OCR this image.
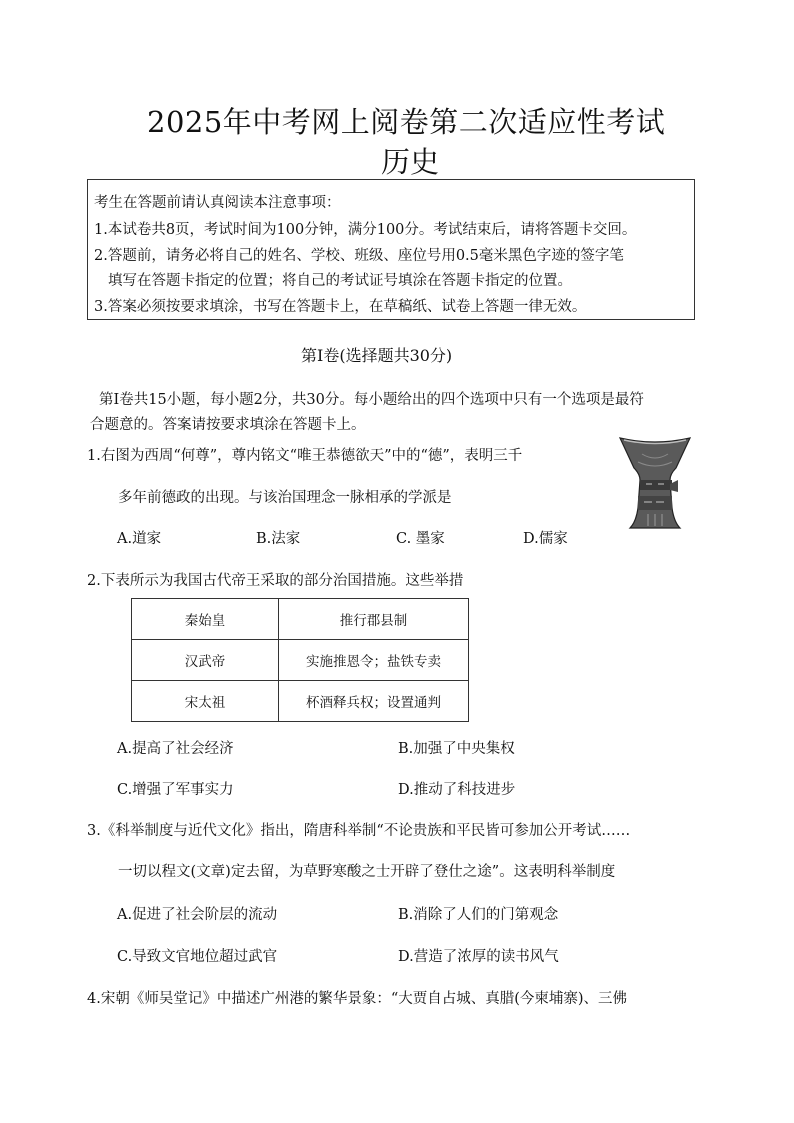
2025年中考网上阅卷第二次适应性考试
历史
考生在答题前请认真阅读本注意事项：
1.本试卷共8页，考试时间为100分钟，满分100分。考试结束后，请将答题卡交回。
2.答题前，请务必将自己的姓名、学校、班级、座位号用0.5毫米黑色字迹的签字笔
填写在答题卡指定的位置；将自己的考试证号填涂在答题卡指定的位置。
3.答案必须按要求填涂，书写在答题卡上，在草稿纸、试卷上答题一律无效。
第Ⅰ卷(选择题共30分)
第Ⅰ卷共15小题，每小题2分，共30分。每小题给出的四个选项中只有一个选项是最符
合题意的。答案请按要求填涂在答题卡上。
1.右图为西周“何尊”，尊内铭文“唯王恭德欲天”中的“德”，表明三千
多年前德政的出现。与该治国理念一脉相承的学派是
A.道家	B.法家	C. 墨家	D.儒家
2.下表所示为我国古代帝王采取的部分治国措施。这些举措
秦始皇	推行郡县制
汉武帝	实施推恩令；盐铁专卖
宋太祖	杯酒释兵权；设置通判
A.提高了社会经济	B.加强了中央集权
C.增强了军事实力	D.推动了科技进步
3.《科举制度与近代文化》指出，隋唐科举制“不论贵族和平民皆可参加公开考试……
一切以程文(文章)定去留，为草野寒酸之士开辟了登仕之途”。这表明科举制度
A.促进了社会阶层的流动	B.消除了人们的门第观念
C.导致文官地位超过武官	D.营造了浓厚的读书风气
4.宋朝《师吴堂记》中描述广州港的繁华景象：“大贾自占城、真腊(今柬埔寨)、三佛
